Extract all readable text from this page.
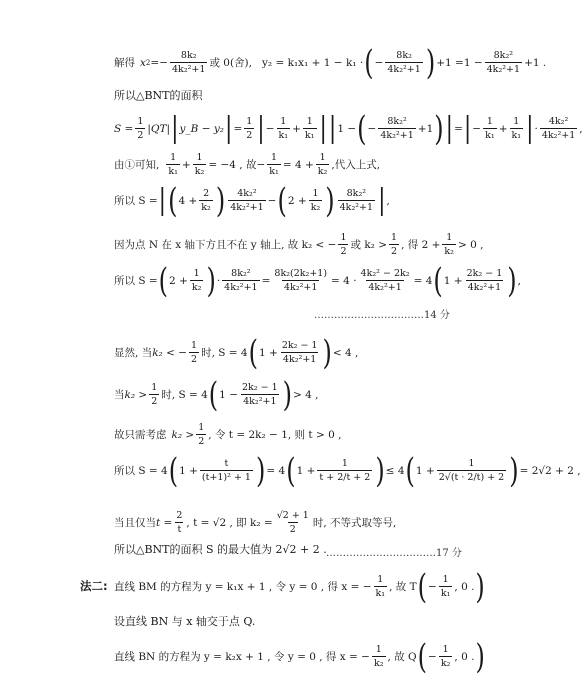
解得 x 2 = − $\frac{\text{8k₂}}{\text{4k₂²+1}}$ 或 0(舍), y₂ = k₁x₁ + 1 − k₁ · ( − $\frac{\text{8k₂}}{\text{4k₂²+1}}$ ) $+1 = 1 - \frac{\text{8k₂²}}{\text{4k₂²+1}} +1$ .
所以△BNT的面积
$S = \frac{1}{2} |QT|$ | y_B − y₂ | = $\frac{1}{2}$ | − $\frac{1}{\text{k₁}} + \frac{1}{\text{k₁}}$ | | 1 − ( − $\frac{\text{8k₂²}}{\text{4k₂²+1}} +1$ ) | = | − $\frac{1}{\text{k₁}} + \frac{1}{\text{k₁}}$ | · $\frac{\text{4k₂²}}{\text{4k₂²+1}}$ ,
由①可知, $\frac{1}{\text{k₁}} + \frac{1}{\text{k₂}} = -4$ , 故 − $\frac{1}{\text{k₁}} = 4 + \frac{1}{\text{k₂}}$ ,代入上式,
所以 S = | ( $4 + \frac{2}{\text{k₂}}$ ) $\frac{\text{4k₂²}}{\text{4k₂²+1}}$ − ( $2 + \frac{1}{\text{k₂}}$ ) $\frac{\text{8k₂²}}{\text{4k₂²+1}}$ | ,
因为点 N 在 x 轴下方且不在 y 轴上, 故 k₂ < − $\frac{1}{2}$ 或 $k_2 > \frac{1}{2}$ , 得 $2 + \frac{1}{\text{k₂}} > 0$ ,
所以 S = ( $2 + \frac{1}{\text{k₂}}$ ) · $\frac{\text{8k₂²}}{\text{4k₂²+1}} = \frac{\text{8k₂(2k₂+1)}}{\text{4k₂²+1}} = 4 \cdot \frac{\text{4k₂² − 2k₂}}{\text{4k₂²+1}} = 4$ ( $1 + \frac{\text{2k₂ − 1}}{\text{4k₂²+1}}$ ) ,
……………………………14 分
显然, 当 k₂ < − $\frac{1}{2}$ 时, S = 4 ( $1 + \frac{\text{2k₂ − 1}}{\text{4k₂²+1}}$ ) < 4 ,
当 $k_2 > \frac{1}{2}$ 时, S = 4 ( $1 - \frac{\text{2k₂ − 1}}{\text{4k₂²+1}}$ ) > 4 ,
故只需考虑 $k_2 > \frac{1}{2}$ , 令 t = 2k₂ − 1, 则 t > 0 ,
所以 S = 4 ( $1 + \frac{t}{\text{(t+1)² + 1}}$ ) = 4 ( $1 + \frac{1}{t + 2/t + 2}$ ) ≤ 4 ( $1 + \frac{1}{2√(t \cdot 2/t) + 2}$ ) = 2√2 + 2 ,
当且仅当 $t = \frac{2}{t}$ , t = √2 , 即 $k_2 = \frac{√2 + 1}{2}$ 时, 不等式取等号,
所以△BNT的面积 S 的最大值为 2√2 + 2 . ……………………………17 分
法二: 直线 BM 的方程为 y = k₁x + 1 , 令 y = 0 , 得 x = − $\frac{1}{\text{k₁}}$ , 故 T ( − $\frac{1}{\text{k₁}}$ , 0 . )
设直线 BN 与 x 轴交于点 Q.
直线 BN 的方程为 y = k₂x + 1 , 令 y = 0 , 得 x = − $\frac{1}{\text{k₂}}$ , 故 Q ( − $\frac{1}{\text{k₂}}$ , 0 . )
